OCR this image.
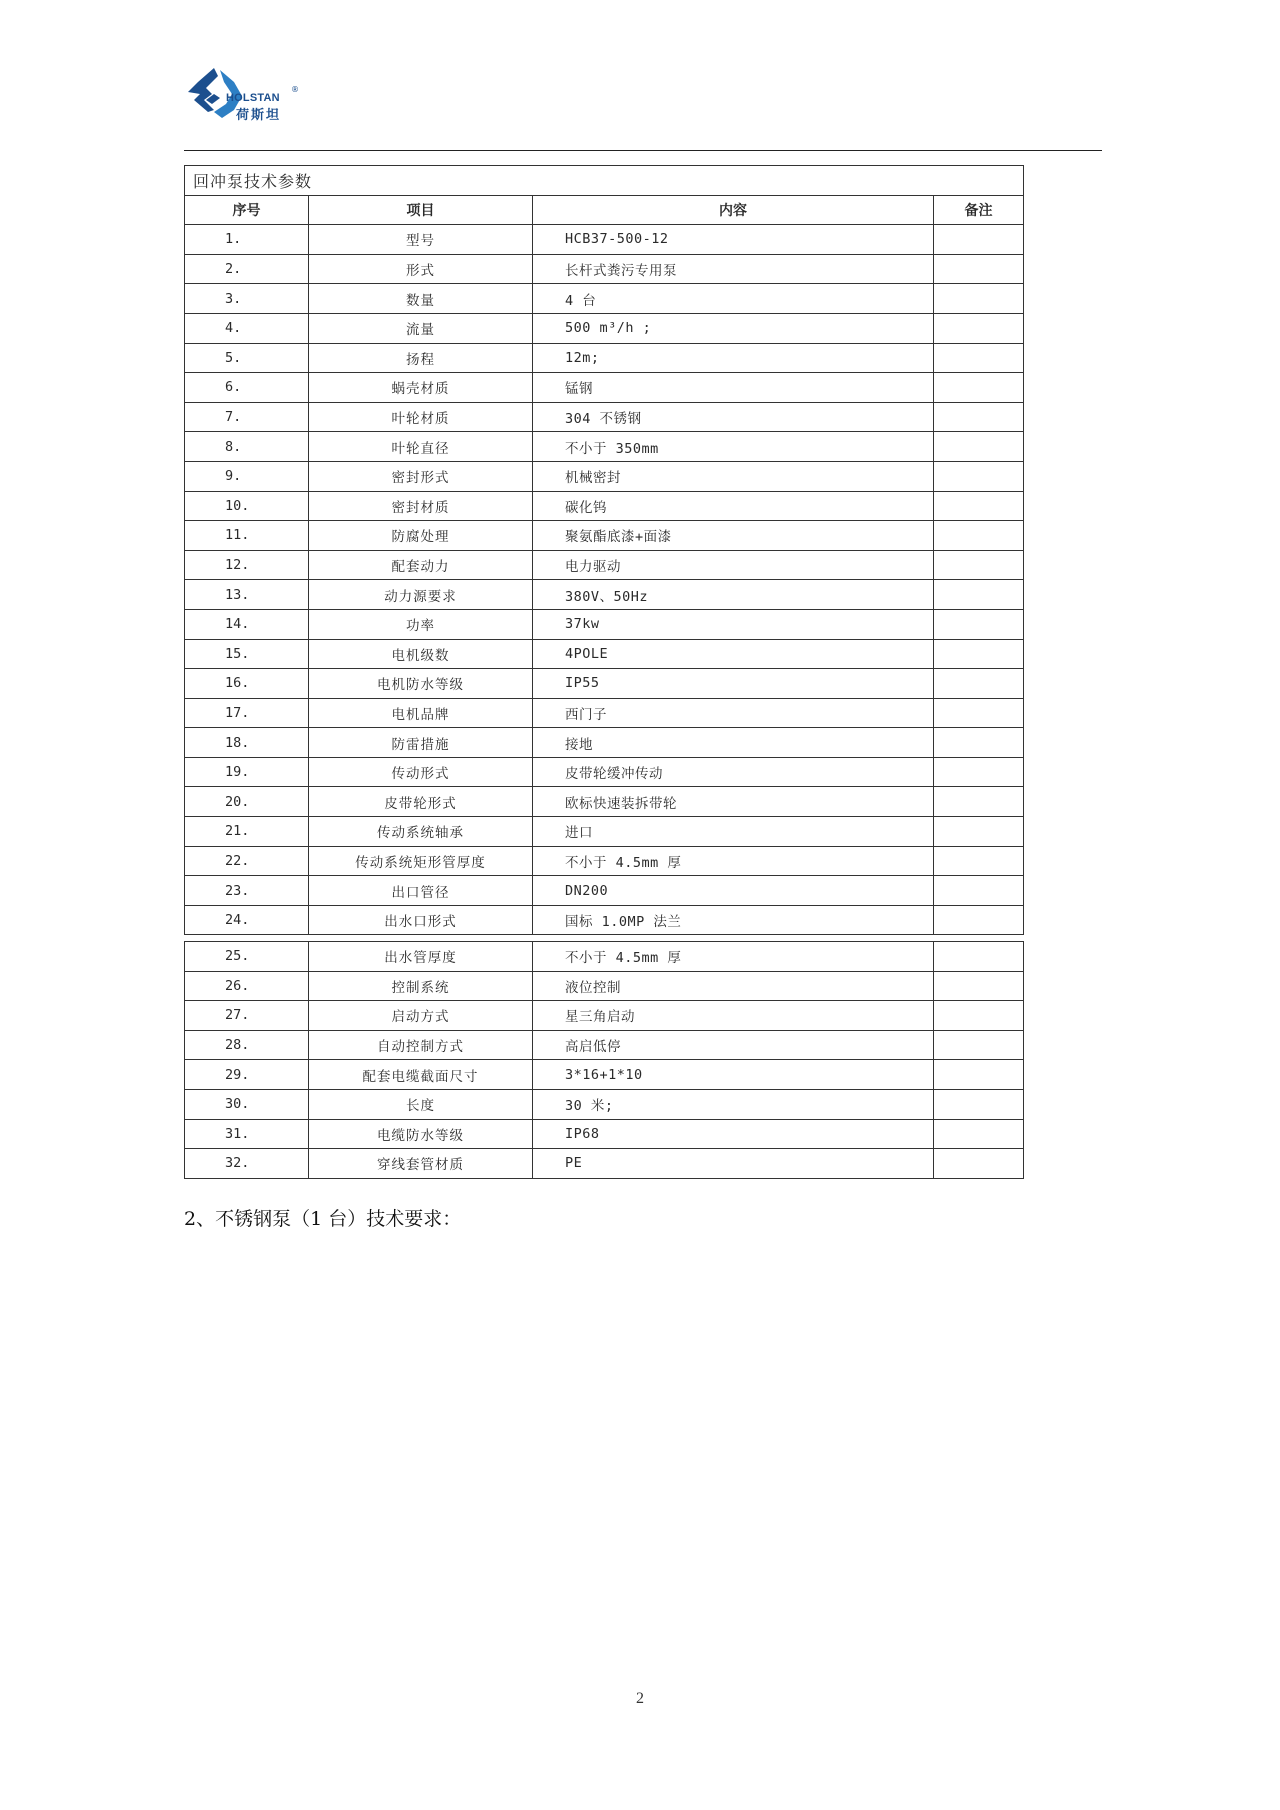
HOLSTAN
荷斯坦
®
回冲泵技术参数			
序号	项目	内容	备注
1.	型号	HCB37-500-12	
2.	形式	长杆式粪污专用泵	
3.	数量	4 台	
4.	流量	500 m³/h ;	
5.	扬程	12m;	
6.	蜗壳材质	锰钢	
7.	叶轮材质	304 不锈钢	
8.	叶轮直径	不小于 350mm	
9.	密封形式	机械密封	
10.	密封材质	碳化钨	
11.	防腐处理	聚氨酯底漆+面漆	
12.	配套动力	电力驱动	
13.	动力源要求	380V、50Hz	
14.	功率	37kw	
15.	电机级数	4POLE	
16.	电机防水等级	IP55	
17.	电机品牌	西门子	
18.	防雷措施	接地	
19.	传动形式	皮带轮缓冲传动	
20.	皮带轮形式	欧标快速装拆带轮	
21.	传动系统轴承	进口	
22.	传动系统矩形管厚度	不小于 4.5mm 厚	
23.	出口管径	DN200	
24.	出水口形式	国标 1.0MP 法兰	
25.	出水管厚度	不小于 4.5mm 厚	
26.	控制系统	液位控制	
27.	启动方式	星三角启动	
28.	自动控制方式	高启低停	
29.	配套电缆截面尺寸	3*16+1*10	
30.	长度	30 米;	
31.	电缆防水等级	IP68	
32.	穿线套管材质	PE	
2、不锈钢泵（1 台）技术要求：
2
